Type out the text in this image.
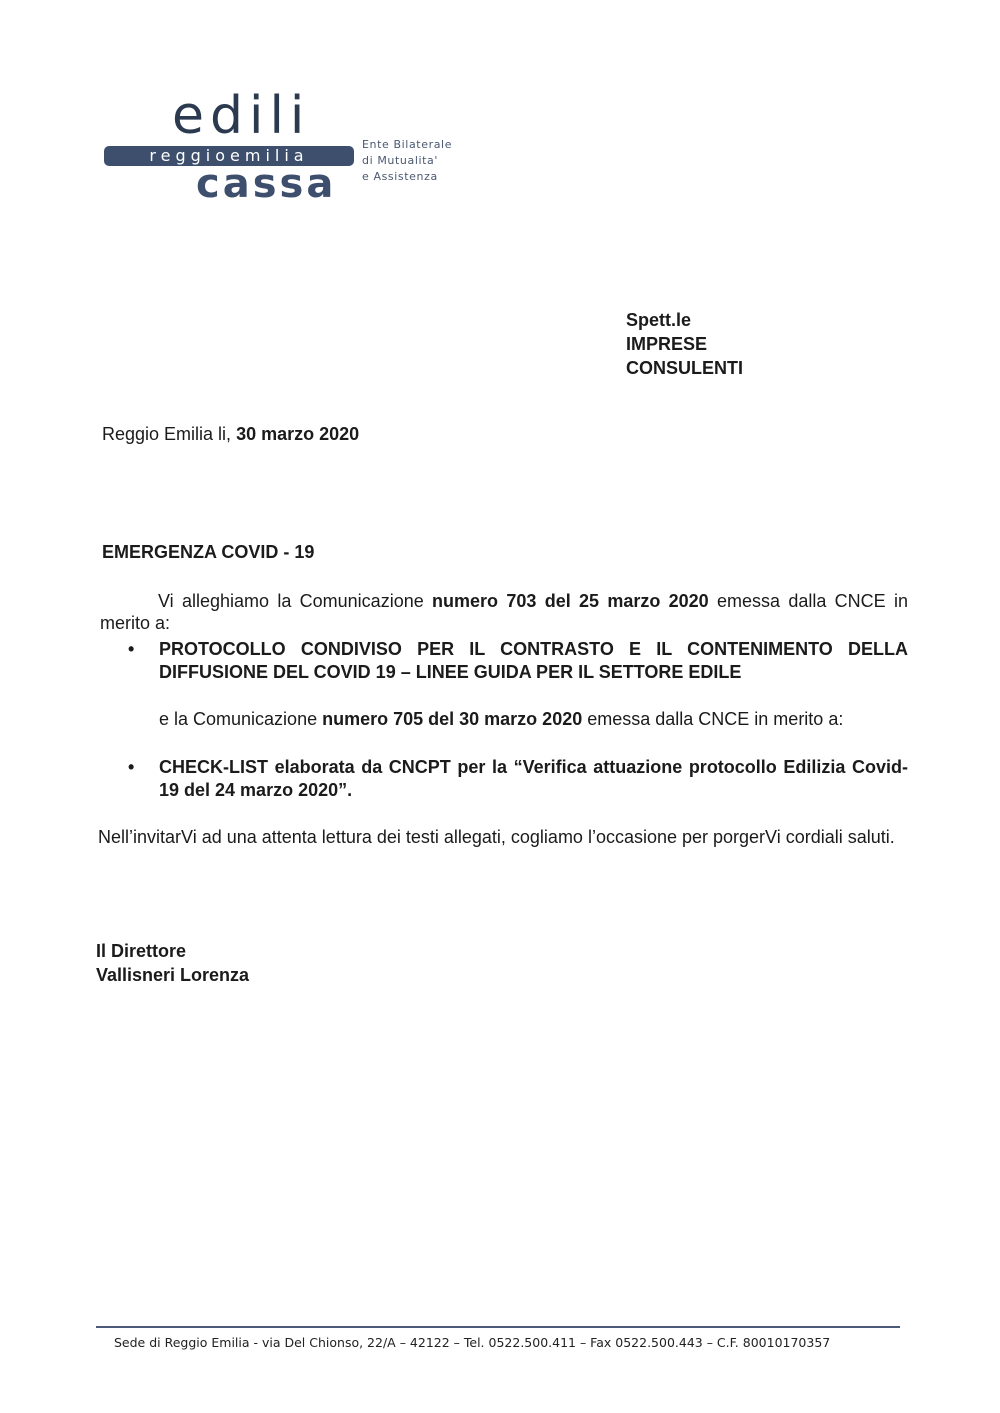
edili
reggioemilia
cassa
Ente Bilaterale
di Mutualita'
e Assistenza
Spett.le
IMPRESE
CONSULENTI
Reggio Emilia li, 30 marzo 2020
EMERGENZA COVID - 19
Vi alleghiamo la Comunicazione numero 703 del 25 marzo 2020 emessa dalla CNCE in merito a:
• PROTOCOLLO CONDIVISO PER IL CONTRASTO E IL CONTENIMENTO DELLA DIFFUSIONE DEL COVID 19 – LINEE GUIDA PER IL SETTORE EDILE
e la Comunicazione numero 705 del 30 marzo 2020 emessa dalla CNCE in merito a:
• CHECK-LIST elaborata da CNCPT per la “Verifica attuazione protocollo Edilizia Covid-19 del 24 marzo 2020”.
Nell’invitarVi ad una attenta lettura dei testi allegati, cogliamo l’occasione per porgerVi cordiali saluti.
Il Direttore
Vallisneri Lorenza
Sede di Reggio Emilia - via Del Chionso, 22/A – 42122 – Tel. 0522.500.411 – Fax 0522.500.443 – C.F. 80010170357
